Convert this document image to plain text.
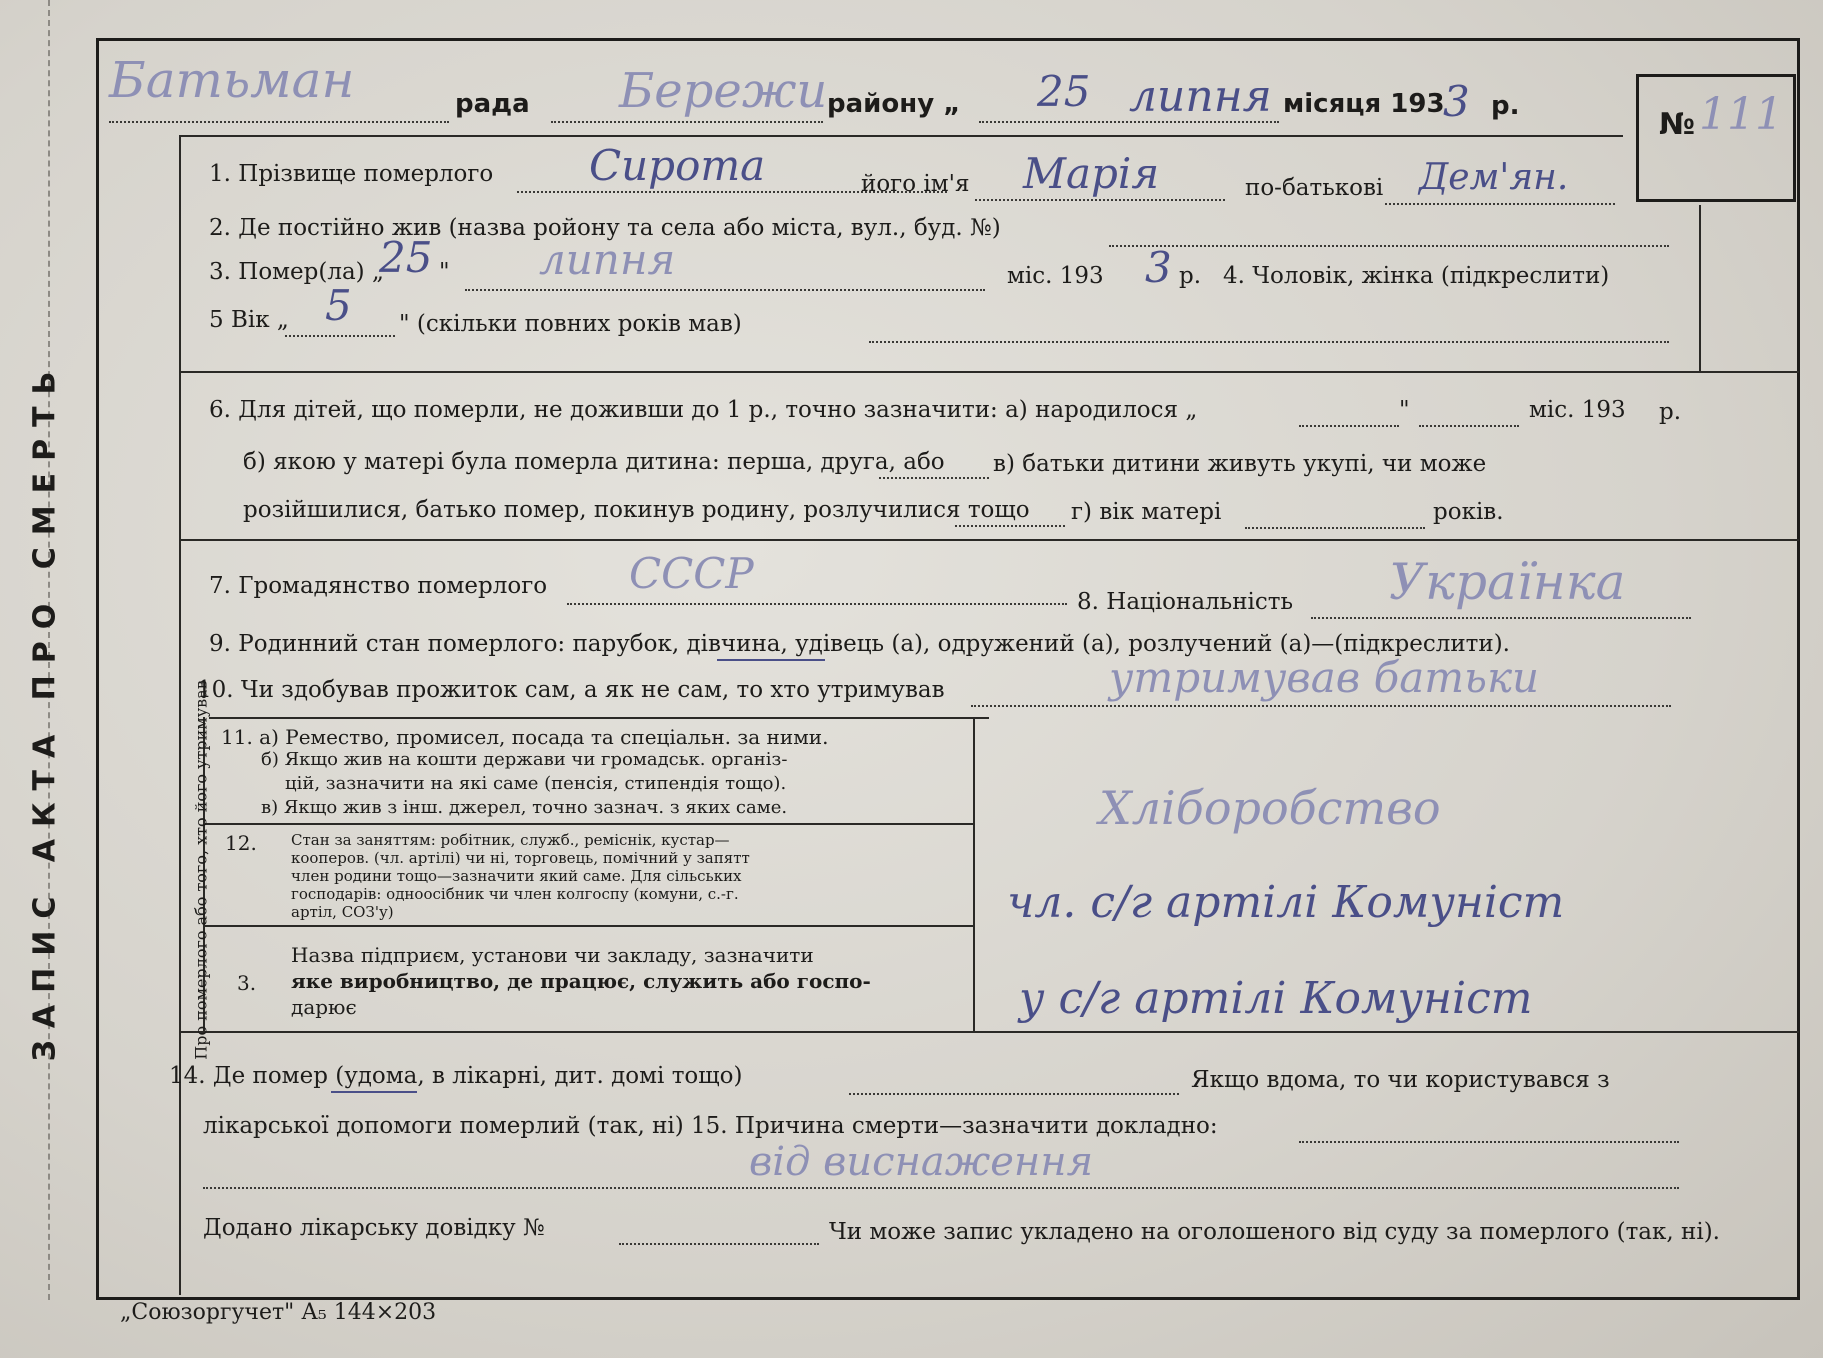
рада	району „	місяця 193 р.
Батьман	Бережи	25 липня	3
1. Прізвище померлого Сирота	його ім'я Марія	по-батькові Дем'ян.
2. Де постійно жив (назва ройону та села або міста, вул., буд. №)
3. Помер(ла) „
25 " липня	міс. 193 3 р. 4. Чоловік, жінка (підкреслити)
5 Вік „ 5 " (скільки повних років мав)
6. Для дітей, що померли, не доживши до 1 р., точно зазначити: а) народилося „	"	міс. 193 р.
б) якою у матері була померла дитина: перша, друга, або в) батьки дитини живуть укупі, чи може
розійшилися, батько помер, покинув родину, розлучилися тощо г) вік матері	років.
7. Громадянство померлого СССР
8. Національність Українка
9. Родинний стан померлого: парубок, дівчина, удівець (а), одружений (а), розлучений (а)—(підкреслити).
10. Чи здобував прожиток сам, а як не сам, то хто утримував	утримував батьки
11. а) Ремество, промисел, посада та спеціальн. за ними.
б) Якщо жив на кошти держави чи громадськ. організ-
цій, зазначити на які саме (пенсія, стипендія тощо).
в) Якщо жив з інш. джерел, точно зазнач. з яких саме.	Хліборобство
12. Стан за заняттям: робітник, служб., реміснік, кустар—
кооперов. (чл. артілі) чи ні, торговець, помічний у запятт
член родини тощо—зазначити який саме. Для сільських
господарів: одноосібник чи член колгоспу (комуни, с.-г.
артіл, СОЗ'у)	чл. с/г артілі Комуніст
3.
Назва підприєм, установи чи закладу, зазначити
яке виробництво, де працює, служить або госпо-
дарює	у с/г артілі Комуніст
14. Де помер (удома, в лікарні, дит. домі тощо)	Якщо вдома, то чи користувався з
лікарської допомоги померлий (так, ні) 15. Причина смерти—зазначити докладно:
від виснаження
Додано лікарську довідку №	Чи може запис укладено на оголошеного від суду за померлого (так, ні).
№ 111
ЗАПИС АКТА ПРО СМЕРТЬ	Про померлого або того, хто його утримував
„Союзоргучет" А₅ 144×203
